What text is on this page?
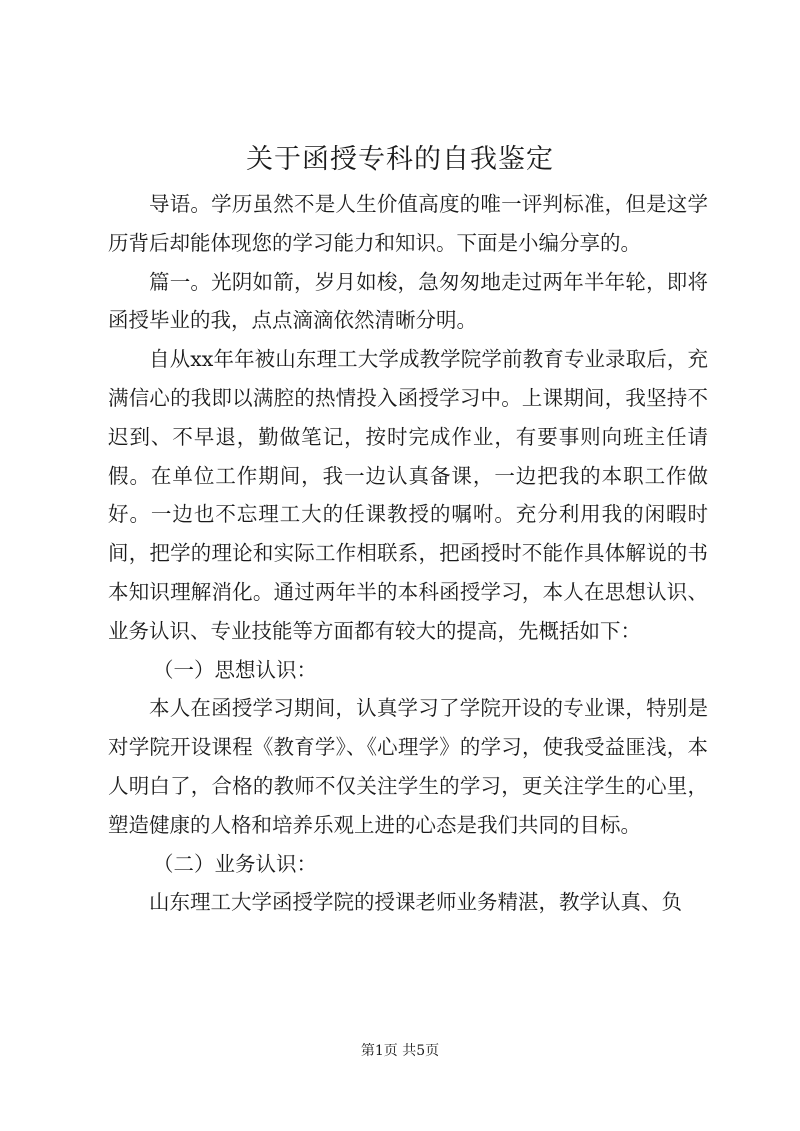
关于函授专科的自我鉴定

导语。学历虽然不是人生价值高度的唯一评判标准，但是这学历背后却能体现您的学习能力和知识。下面是小编分享的。

篇一。光阴如箭，岁月如梭，急匆匆地走过两年半年轮，即将函授毕业的我，点点滴滴依然清晰分明。

自从xx年年被山东理工大学成教学院学前教育专业录取后，充满信心的我即以满腔的热情投入函授学习中。上课期间，我坚持不迟到、不早退，勤做笔记，按时完成作业，有要事则向班主任请假。在单位工作期间，我一边认真备课，一边把我的本职工作做好。一边也不忘理工大的任课教授的嘱咐。充分利用我的闲暇时间，把学的理论和实际工作相联系，把函授时不能作具体解说的书本知识理解消化。通过两年半的本科函授学习，本人在思想认识、业务认识、专业技能等方面都有较大的提高，先概括如下：

（一）思想认识：

本人在函授学习期间，认真学习了学院开设的专业课，特别是对学院开设课程《教育学》、《心理学》的学习，使我受益匪浅，本人明白了，合格的教师不仅关注学生的学习，更关注学生的心里，塑造健康的人格和培养乐观上进的心态是我们共同的目标。

（二）业务认识：

山东理工大学函授学院的授课老师业务精湛，教学认真、负

第1页 共5页
